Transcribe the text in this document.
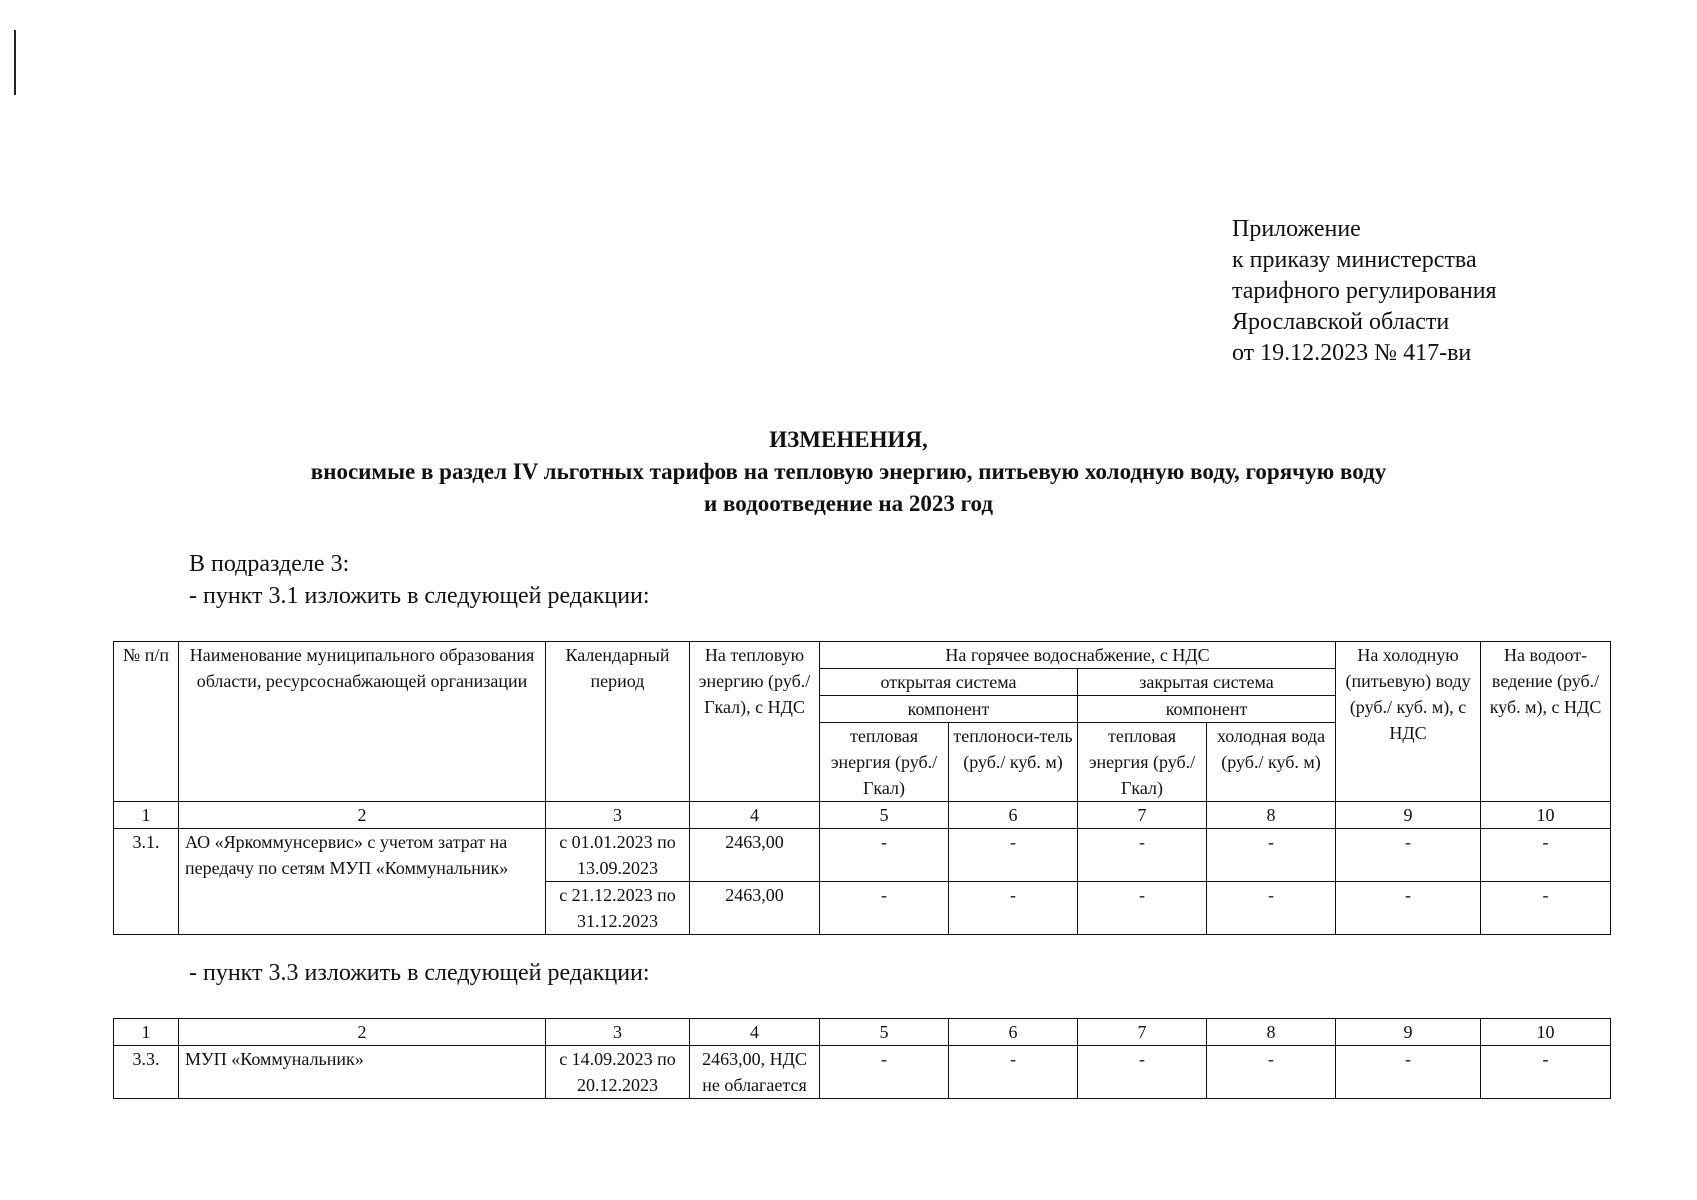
Приложение
к приказу министерства
тарифного регулирования
Ярославской области
от 19.12.2023 № 417-ви
ИЗМЕНЕНИЯ,
вносимые в раздел IV льготных тарифов на тепловую энергию, питьевую холодную воду, горячую воду
и водоотведение на 2023 год
В подразделе 3:
- пункт 3.1 изложить в следующей редакции:
№ п/п	Наименование муниципального образования области, ресурсоснабжающей организации	Календарный период	На тепловую энергию (руб./Гкал), с НДС	На горячее водоснабжение, с НДС				На холодную (питьевую) воду (руб./ куб. м), с НДС	На водоот-ведение (руб./ куб. м), с НДС
				открытая система		закрытая система			
				компонент		компонент			
				тепловая энергия (руб./Гкал)	теплоноси-тель (руб./ куб. м)	тепловая энергия (руб./Гкал)	холодная вода (руб./ куб. м)		
1	2	3	4	5	6	7	8	9	10
3.1.	АО «Яркоммунсервис» с учетом затрат на передачу по сетям МУП «Коммунальник»	с 01.01.2023 по 13.09.2023	2463,00	-	-	-	-	-	-
		с 21.12.2023 по 31.12.2023	2463,00	-	-	-	-	-	-
- пункт 3.3 изложить в следующей редакции:
1	2	3	4	5	6	7	8	9	10
3.3.	МУП «Коммунальник»	с 14.09.2023 по 20.12.2023	2463,00, НДС не облагается	-	-	-	-	-	-
